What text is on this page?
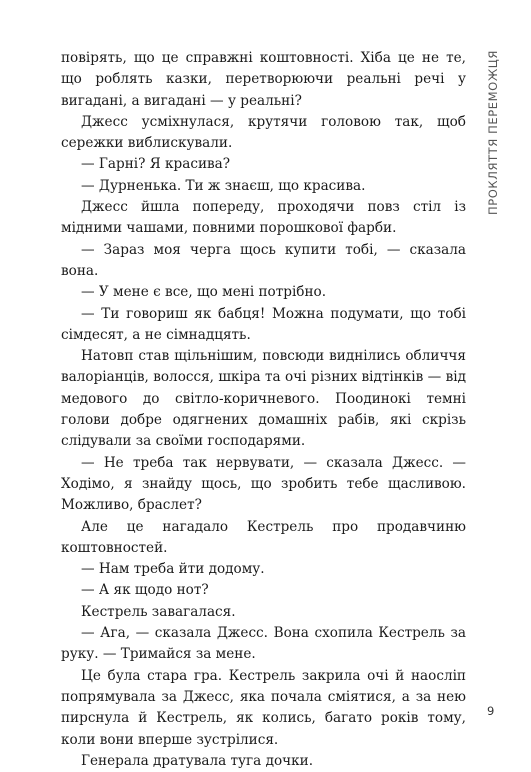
ПРОКЛЯТТЯ ПЕРЕМОЖЦЯ

повірять, що це справжні коштовності. Хіба це не те, що роблять казки, перетворюючи реальні речі у вигадані, а вигадані — у реальні?

Джесс усміхнулася, крутячи головою так, щоб сережки виблискували.

— Гарні? Я красива?

— Дурненька. Ти ж знаєш, що красива.

Джесс йшла попереду, проходячи повз стіл із мідними чашами, повними порошкової фарби.

— Зараз моя черга щось купити тобі, — сказала вона.

— У мене є все, що мені потрібно.

— Ти говориш як бабця! Можна подумати, що тобі сімдесят, а не сімнадцять.

Натовп став щільнішим, повсюди виднілись обличчя валоріанців, волосся, шкіра та очі різних відтінків — від медового до світло-коричневого. Поодинокі темні голови добре одягнених домашніх рабів, які скрізь слідували за своїми господарями.

— Не треба так нервувати, — сказала Джесс. — Ходімо, я знайду щось, що зробить тебе щасливою. Можливо, браслет?

Але це нагадало Кестрель про продавчиню коштовностей.

— Нам треба йти додому.

— А як щодо нот?

Кестрель завагалася.

— Ага, — сказала Джесс. Вона схопила Кестрель за руку. — Тримайся за мене.

Це була стара гра. Кестрель закрила очі й наосліп попрямувала за Джесс, яка почала сміятися, а за нею пирснула й Кестрель, як колись, багато років тому, коли вони вперше зустрілися.

Генерала дратувала туга дочки.

9
